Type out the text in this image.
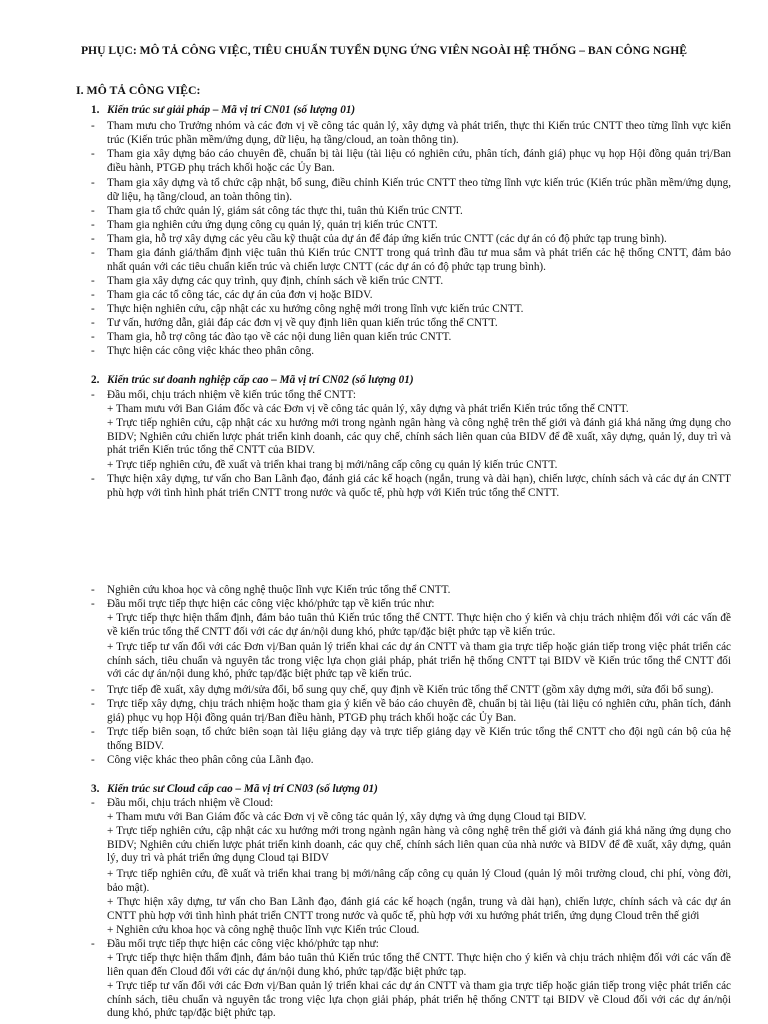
PHỤ LỤC: MÔ TẢ CÔNG VIỆC, TIÊU CHUẨN TUYỂN DỤNG ỨNG VIÊN NGOÀI HỆ THỐNG – BAN CÔNG NGHỆ
I. MÔ TẢ CÔNG VIỆC:
1. Kiến trúc sư giải pháp – Mã vị trí CN01 (số lượng 01)
- Tham mưu cho Trưởng nhóm và các đơn vị về công tác quản lý, xây dựng và phát triển, thực thi Kiến trúc CNTT theo từng lĩnh vực kiến trúc (Kiến trúc phần mềm/ứng dụng, dữ liệu, hạ tầng/cloud, an toàn thông tin).
- Tham gia xây dựng báo cáo chuyên đề, chuẩn bị tài liệu (tài liệu có nghiên cứu, phân tích, đánh giá) phục vụ họp Hội đồng quản trị/Ban điều hành, PTGĐ phụ trách khối hoặc các Ủy Ban.
- Tham gia xây dựng và tổ chức cập nhật, bổ sung, điều chỉnh Kiến trúc CNTT theo từng lĩnh vực kiến trúc (Kiến trúc phần mềm/ứng dụng, dữ liệu, hạ tầng/cloud, an toàn thông tin).
- Tham gia tổ chức quản lý, giám sát công tác thực thi, tuân thủ Kiến trúc CNTT.
- Tham gia nghiên cứu ứng dụng công cụ quản lý, quản trị kiến trúc CNTT.
- Tham gia, hỗ trợ xây dựng các yêu cầu kỹ thuật của dự án để đáp ứng kiến trúc CNTT (các dự án có độ phức tạp trung bình).
- Tham gia đánh giá/thẩm định việc tuân thủ Kiến trúc CNTT trong quá trình đầu tư mua sắm và phát triển các hệ thống CNTT, đảm bảo nhất quán với các tiêu chuẩn kiến trúc và chiến lược CNTT (các dự án có độ phức tạp trung bình).
- Tham gia xây dựng các quy trình, quy định, chính sách về kiến trúc CNTT.
- Tham gia các tổ công tác, các dự án của đơn vị hoặc BIDV.
- Thực hiện nghiên cứu, cập nhật các xu hướng công nghệ mới trong lĩnh vực kiến trúc CNTT.
- Tư vấn, hướng dẫn, giải đáp các đơn vị về quy định liên quan kiến trúc tổng thể CNTT.
- Tham gia, hỗ trợ công tác đào tạo về các nội dung liên quan kiến trúc CNTT.
- Thực hiện các công việc khác theo phân công.
2. Kiến trúc sư doanh nghiệp cấp cao – Mã vị trí CN02 (số lượng 01)
- Đầu mối, chịu trách nhiệm về kiến trúc tổng thể CNTT:
+ Tham mưu với Ban Giám đốc và các Đơn vị về công tác quản lý, xây dựng và phát triển Kiến trúc tổng thể CNTT.
+ Trực tiếp nghiên cứu, cập nhật các xu hướng mới trong ngành ngân hàng và công nghệ trên thế giới và đánh giá khả năng ứng dụng cho BIDV; Nghiên cứu chiến lược phát triển kinh doanh, các quy chế, chính sách liên quan của BIDV để đề xuất, xây dựng, quản lý, duy trì và phát triển Kiến trúc tổng thể CNTT của BIDV.
+ Trực tiếp nghiên cứu, đề xuất và triển khai trang bị mới/nâng cấp công cụ quản lý kiến trúc CNTT.
- Thực hiện xây dựng, tư vấn cho Ban Lãnh đạo, đánh giá các kế hoạch (ngắn, trung và dài hạn), chiến lược, chính sách và các dự án CNTT phù hợp với tình hình phát triển CNTT trong nước và quốc tế, phù hợp với Kiến trúc tổng thể CNTT.
- Nghiên cứu khoa học và công nghệ thuộc lĩnh vực Kiến trúc tổng thể CNTT.
- Đầu mối trực tiếp thực hiện các công việc khó/phức tạp về kiến trúc như:
+ Trực tiếp thực hiện thẩm định, đảm bảo tuân thủ Kiến trúc tổng thể CNTT. Thực hiện cho ý kiến và chịu trách nhiệm đối với các vấn đề về kiến trúc tổng thể CNTT đối với các dự án/nội dung khó, phức tạp/đặc biệt phức tạp về kiến trúc.
+ Trực tiếp tư vấn đối với các Đơn vị/Ban quản lý triển khai các dự án CNTT và tham gia trực tiếp hoặc gián tiếp trong việc phát triển các chính sách, tiêu chuẩn và nguyên tắc trong việc lựa chọn giải pháp, phát triển hệ thống CNTT tại BIDV về Kiến trúc tổng thể CNTT đối với các dự án/nội dung khó, phức tạp/đặc biệt phức tạp về kiến trúc.
- Trực tiếp đề xuất, xây dựng mới/sửa đổi, bổ sung quy chế, quy định về Kiến trúc tổng thể CNTT (gồm xây dựng mới, sửa đổi bổ sung).
- Trực tiếp xây dựng, chịu trách nhiệm hoặc tham gia ý kiến về báo cáo chuyên đề, chuẩn bị tài liệu (tài liệu có nghiên cứu, phân tích, đánh giá) phục vụ họp Hội đồng quản trị/Ban điều hành, PTGĐ phụ trách khối hoặc các Ủy Ban.
- Trực tiếp biên soạn, tổ chức biên soạn tài liệu giảng dạy và trực tiếp giảng dạy về Kiến trúc tổng thể CNTT cho đội ngũ cán bộ của hệ thống BIDV.
- Công việc khác theo phân công của Lãnh đạo.
3. Kiến trúc sư Cloud cấp cao – Mã vị trí CN03 (số lượng 01)
- Đầu mối, chịu trách nhiệm về Cloud:
+ Tham mưu với Ban Giám đốc và các Đơn vị về công tác quản lý, xây dựng và ứng dụng Cloud tại BIDV.
+ Trực tiếp nghiên cứu, cập nhật các xu hướng mới trong ngành ngân hàng và công nghệ trên thế giới và đánh giá khả năng ứng dụng cho BIDV; Nghiên cứu chiến lược phát triển kinh doanh, các quy chế, chính sách liên quan của nhà nước và BIDV để đề xuất, xây dựng, quản lý, duy trì và phát triển ứng dụng Cloud tại BIDV
+ Trực tiếp nghiên cứu, đề xuất và triển khai trang bị mới/nâng cấp công cụ quản lý Cloud (quản lý môi trường cloud, chi phí, vòng đời, bảo mật).
+ Thực hiện xây dựng, tư vấn cho Ban Lãnh đạo, đánh giá các kế hoạch (ngắn, trung và dài hạn), chiến lược, chính sách và các dự án CNTT phù hợp với tình hình phát triển CNTT trong nước và quốc tế, phù hợp với xu hướng phát triển, ứng dụng Cloud trên thế giới
+ Nghiên cứu khoa học và công nghệ thuộc lĩnh vực Kiến trúc Cloud.
- Đầu mối trực tiếp thực hiện các công việc khó/phức tạp như:
+ Trực tiếp thực hiện thẩm định, đảm bảo tuân thủ Kiến trúc tổng thể CNTT. Thực hiện cho ý kiến và chịu trách nhiệm đối với các vấn đề liên quan đến Cloud đối với các dự án/nội dung khó, phức tạp/đặc biệt phức tạp.
+ Trực tiếp tư vấn đối với các Đơn vị/Ban quản lý triển khai các dự án CNTT và tham gia trực tiếp hoặc gián tiếp trong việc phát triển các chính sách, tiêu chuẩn và nguyên tắc trong việc lựa chọn giải pháp, phát triển hệ thống CNTT tại BIDV về Cloud đối với các dự án/nội dung khó, phức tạp/đặc biệt phức tạp.
